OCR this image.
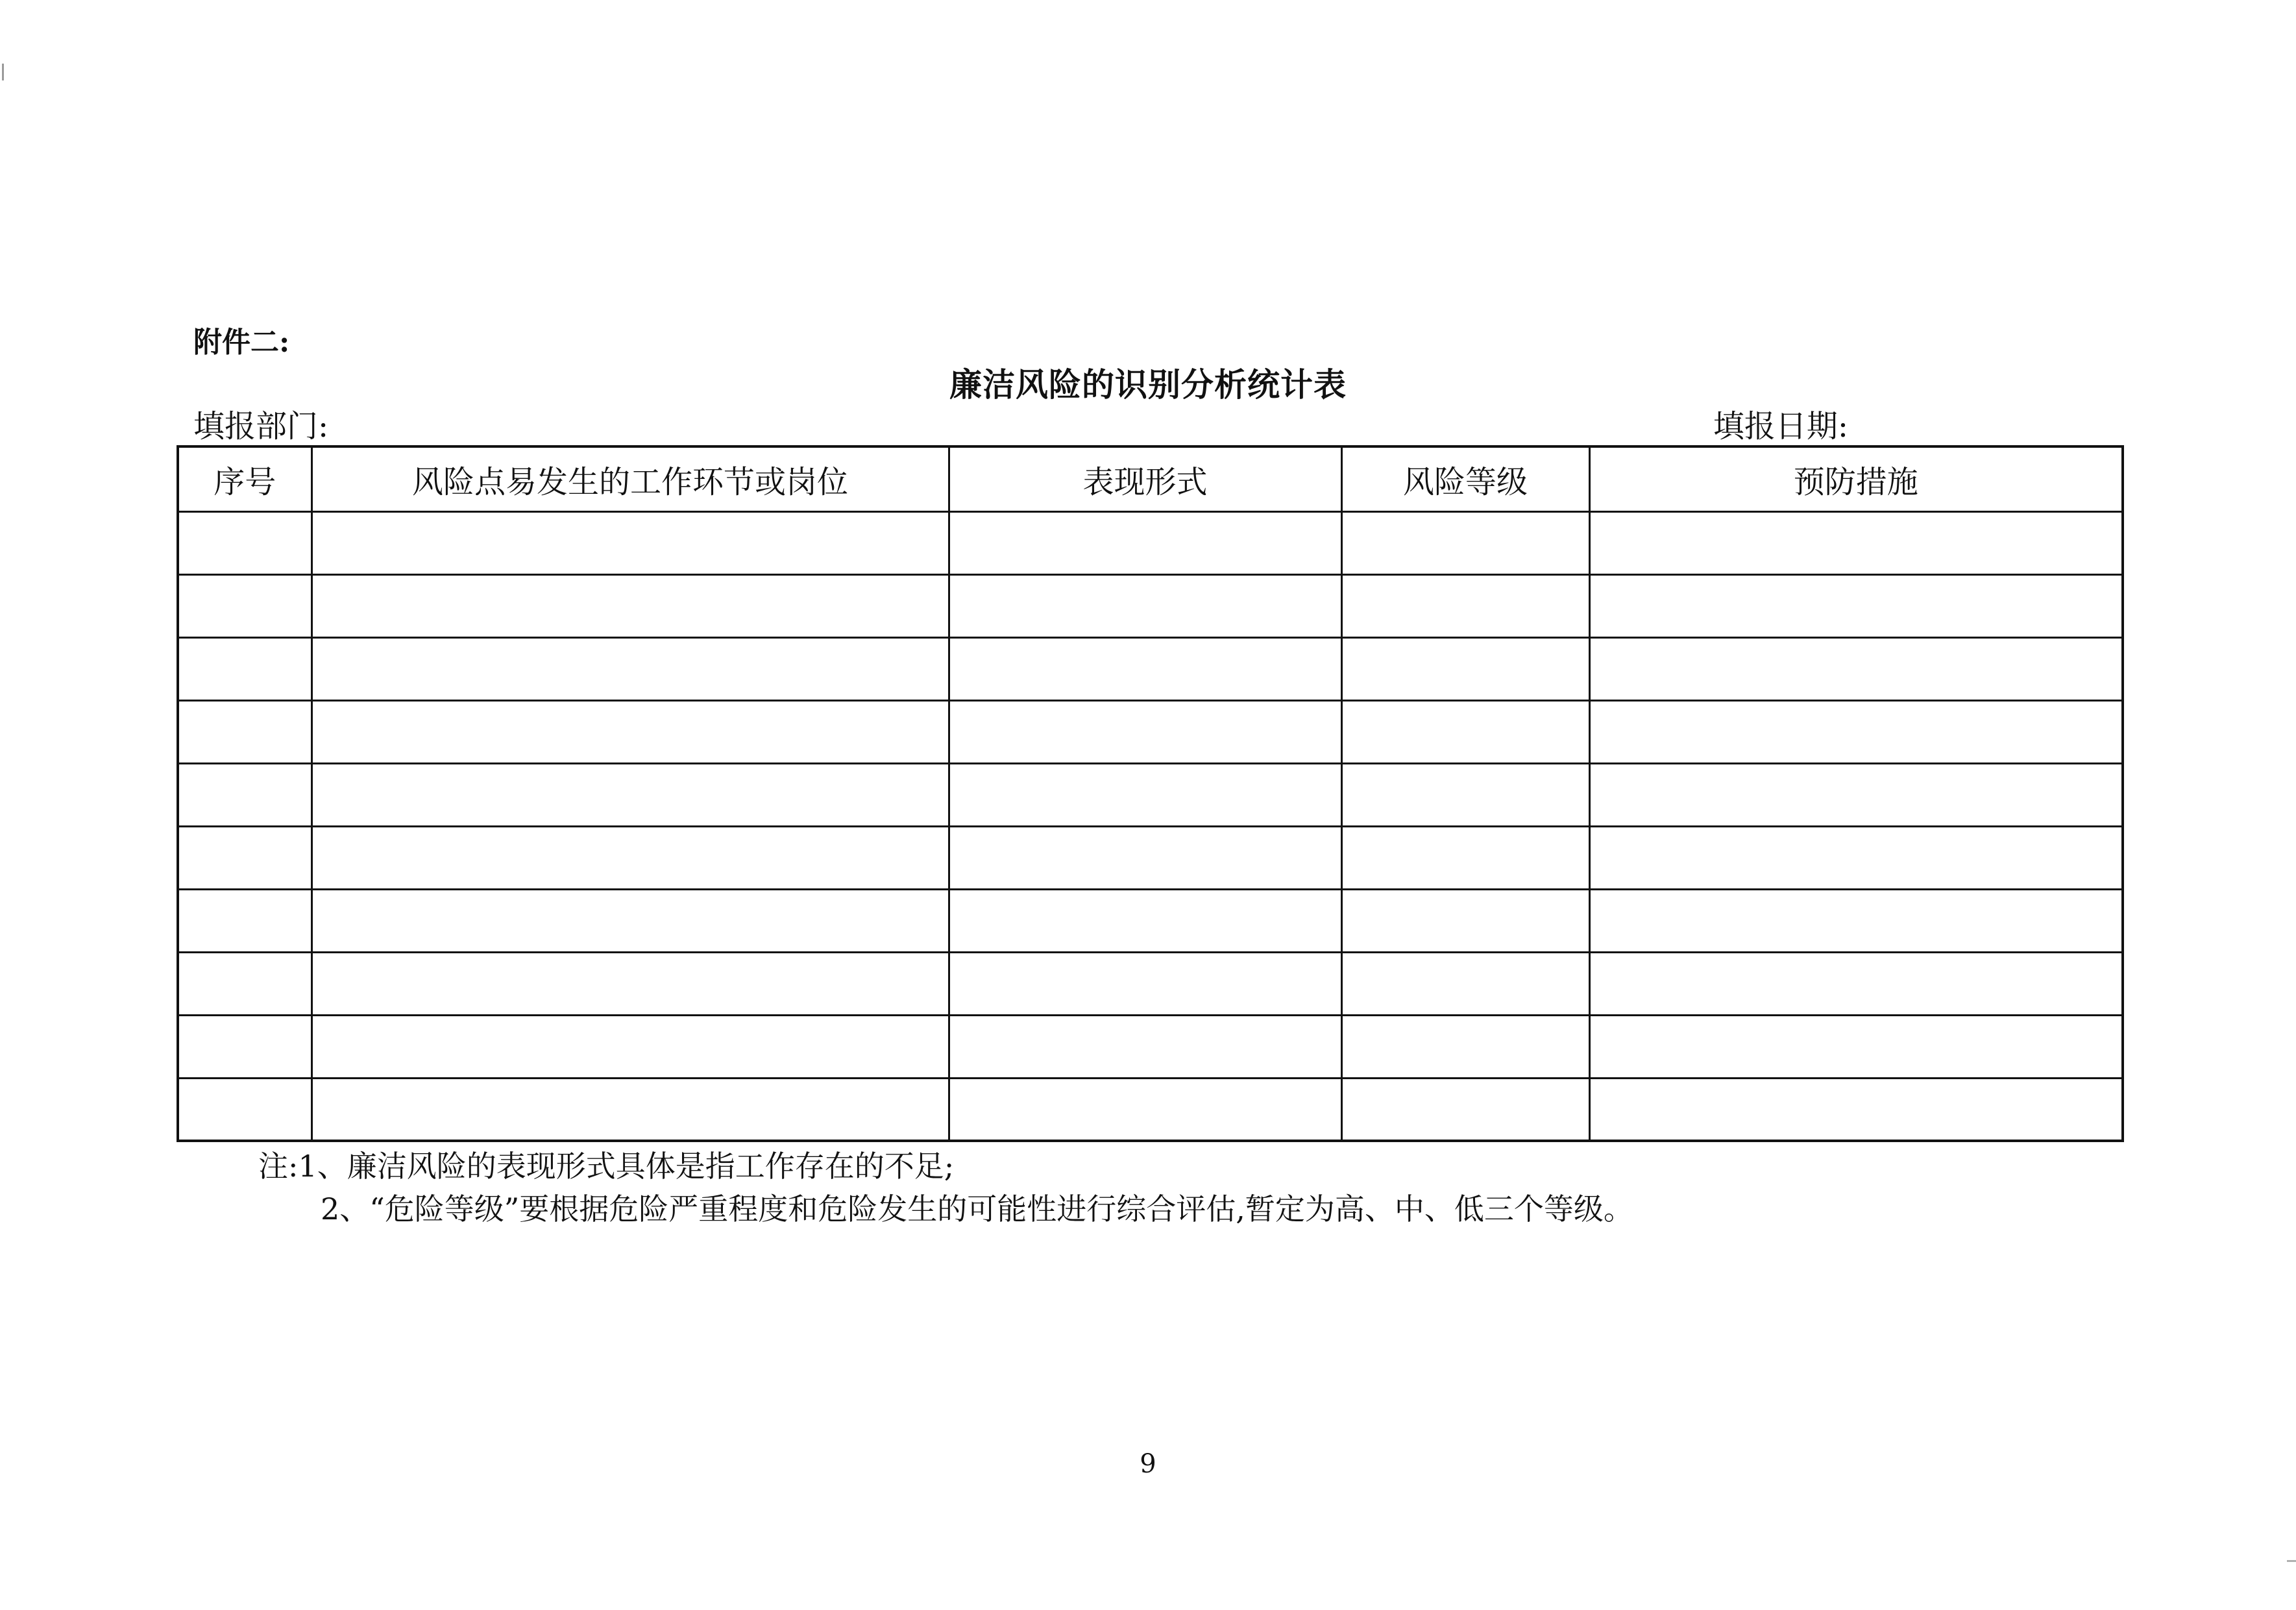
附件二:
廉洁风险的识别分析统计表
填报部门:	填报日期:
序号	风险点易发生的工作环节或岗位	表现形式	风险等级	预防措施

注:1、廉洁风险的表现形式具体是指工作存在的不足;
2、“危险等级”要根据危险严重程度和危险发生的可能性进行综合评估,暂定为高、中、低三个等级。
9
